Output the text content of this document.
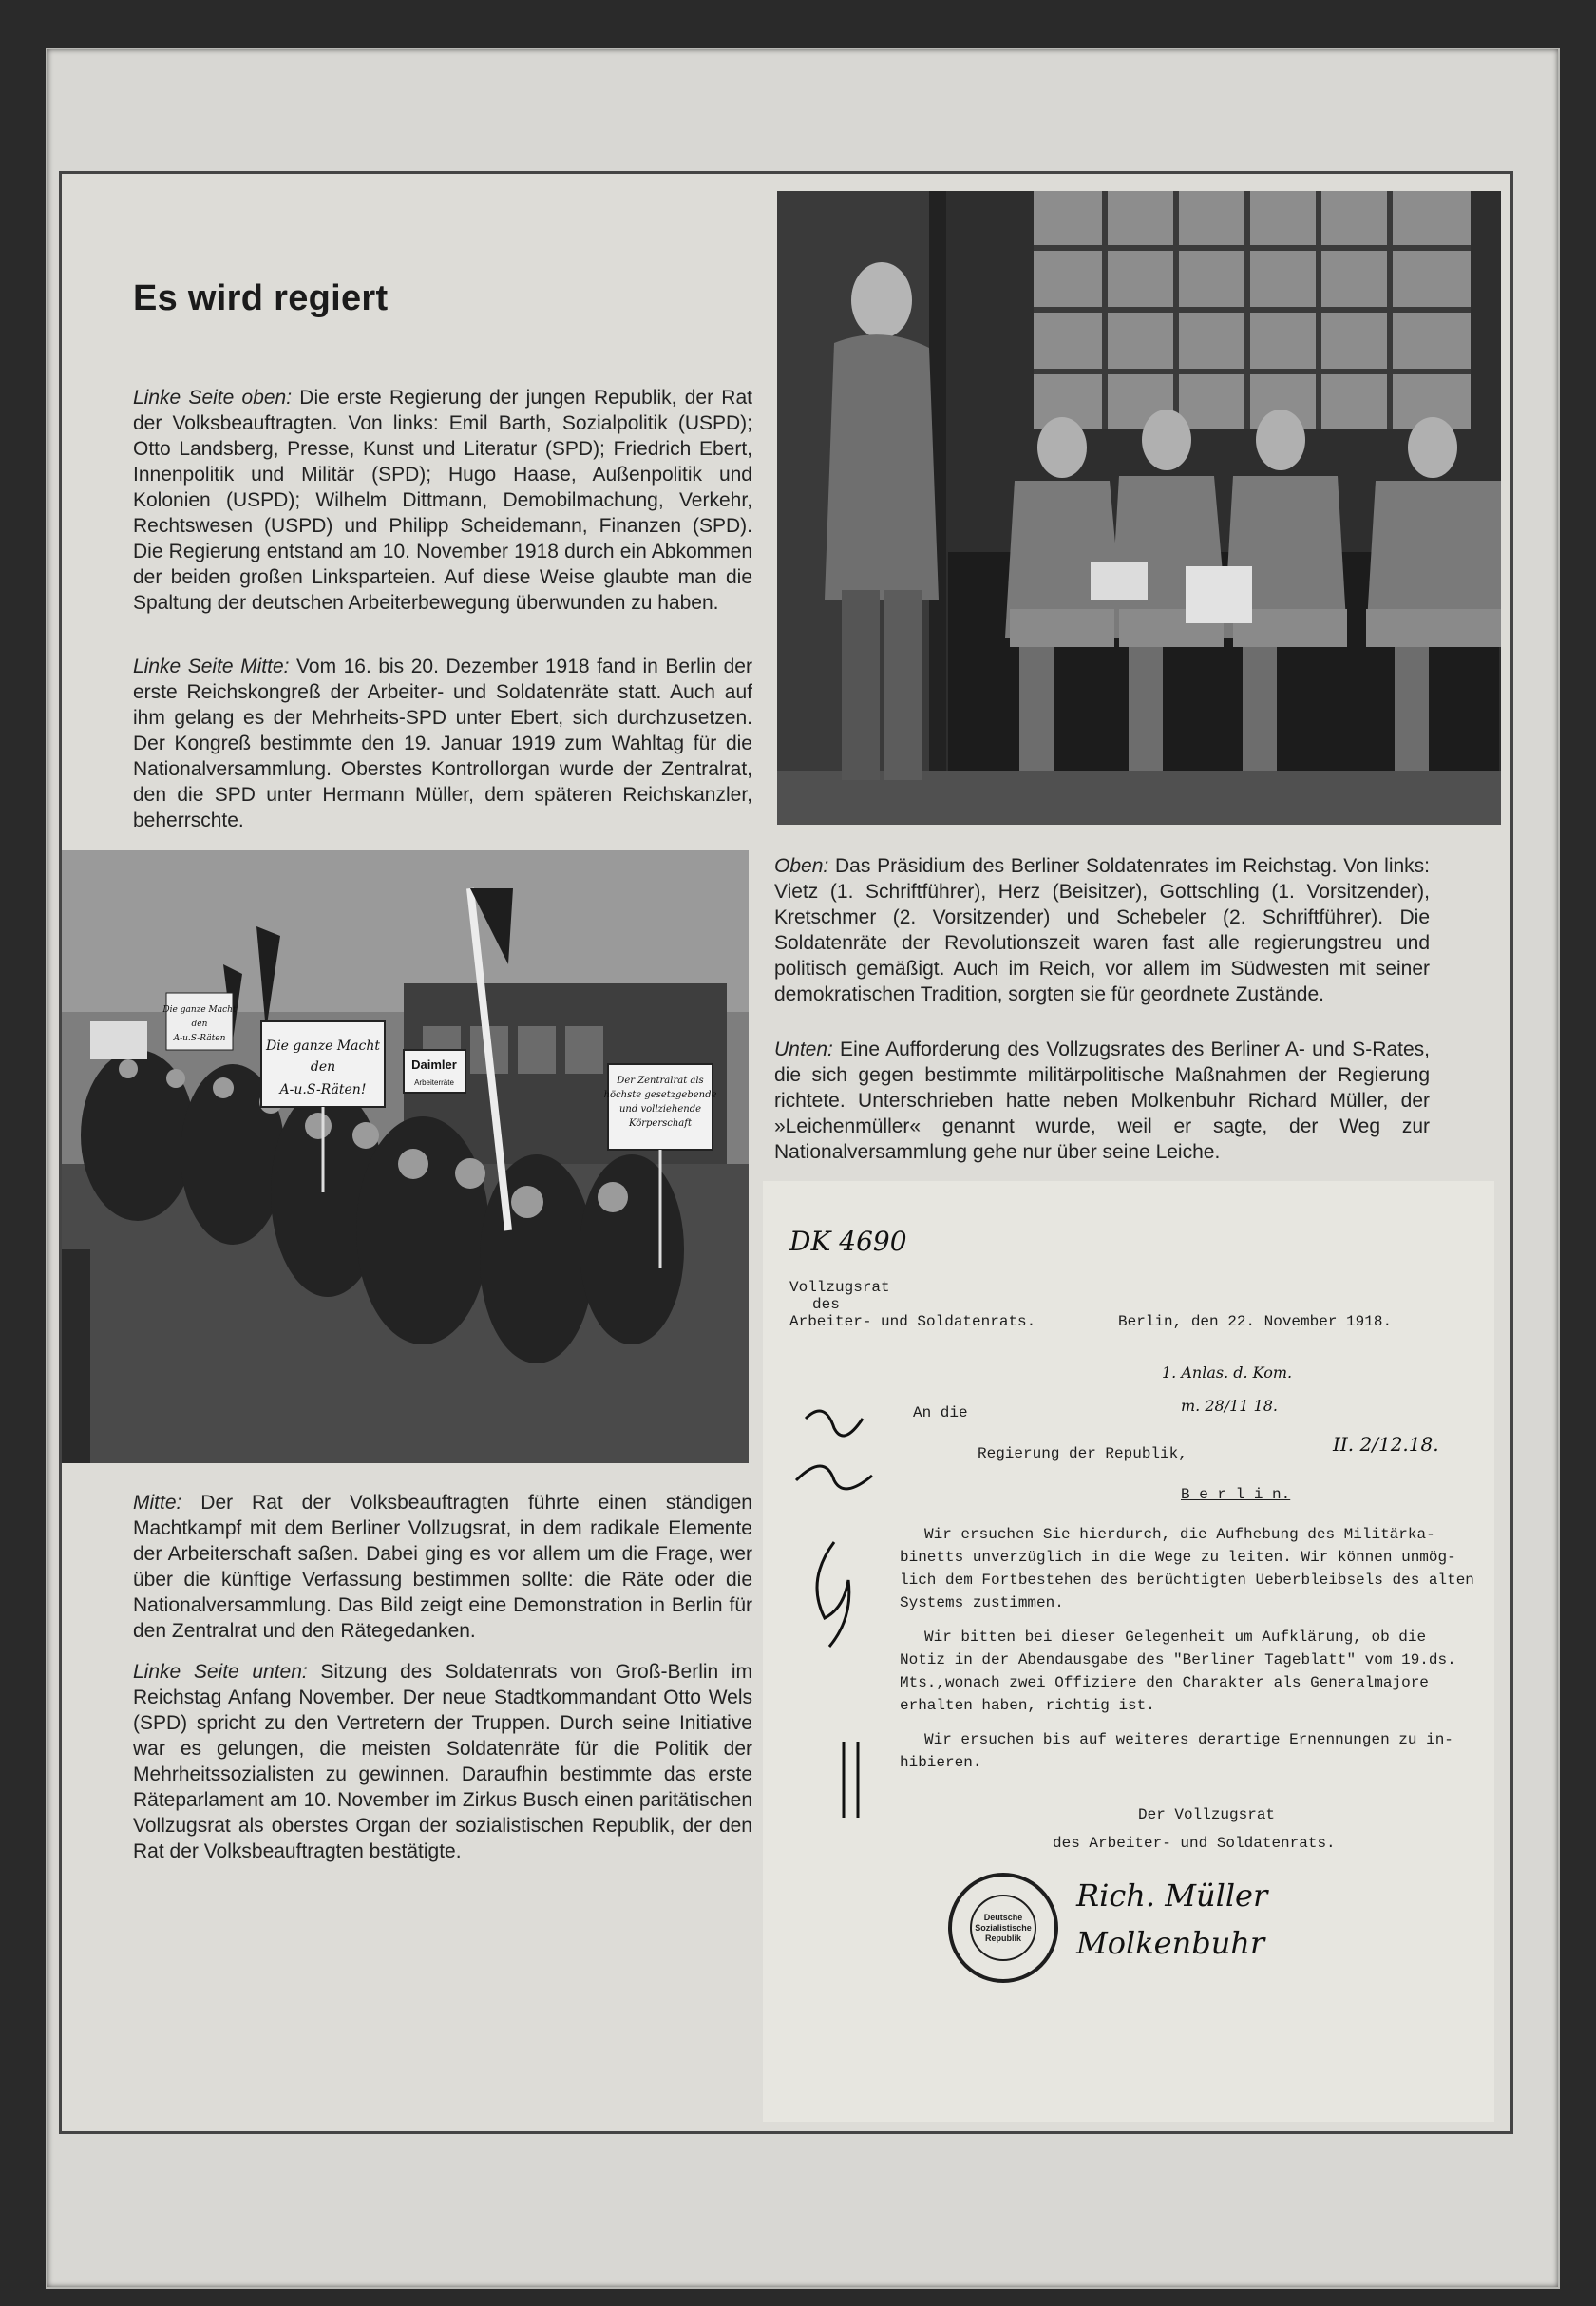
Es wird regiert

Linke Seite oben: Die erste Regierung der jungen Republik, der Rat der Volksbeauftragten. Von links: Emil Barth, Sozialpolitik (USPD); Otto Landsberg, Presse, Kunst und Literatur (SPD); Friedrich Ebert, Innenpolitik und Militär (SPD); Hugo Haase, Außenpolitik und Kolonien (USPD); Wilhelm Dittmann, Demobilmachung, Verkehr, Rechtswesen (USPD) und Philipp Scheidemann, Finanzen (SPD). Die Regierung entstand am 10. November 1918 durch ein Abkommen der beiden großen Linksparteien. Auf diese Weise glaubte man die Spaltung der deutschen Arbeiterbewegung überwunden zu haben.

Linke Seite Mitte: Vom 16. bis 20. Dezember 1918 fand in Berlin der erste Reichskongreß der Arbeiter- und Soldatenräte statt. Auch auf ihm gelang es der Mehrheits-SPD unter Ebert, sich durchzusetzen. Der Kongreß bestimmte den 19. Januar 1919 zum Wahltag für die Nationalversammlung. Oberstes Kontrollorgan wurde der Zentralrat, den die SPD unter Hermann Müller, dem späteren Reichskanzler, beherrschte.

Oben: Das Präsidium des Berliner Soldatenrates im Reichstag. Von links: Vietz (1. Schriftführer), Herz (Beisitzer), Gottschling (1. Vorsitzender), Kretschmer (2. Vorsitzender) und Schebeler (2. Schriftführer). Die Soldatenräte der Revolutionszeit waren fast alle regierungstreu und politisch gemäßigt. Auch im Reich, vor allem im Südwesten mit seiner demokratischen Tradition, sorgten sie für geordnete Zustände.

Unten: Eine Aufforderung des Vollzugsrates des Berliner A- und S-Rates, die sich gegen bestimmte militärpolitische Maßnahmen der Regierung richtete. Unterschrieben hatte neben Molkenbuhr Richard Müller, der »Leichenmüller« genannt wurde, weil er sagte, der Weg zur Nationalversammlung gehe nur über seine Leiche.

Die ganze Macht
den
A-u.S-Räten!
Der Zentralrat als
höchste gesetzgebende
und vollziehende
Körperschaft
Daimler
Arbeiterräte
Die ganze Macht
den
A-u.S-Räten

Mitte: Der Rat der Volksbeauftragten führte einen ständigen Machtkampf mit dem Berliner Vollzugsrat, in dem radikale Elemente der Arbeiterschaft saßen. Dabei ging es vor allem um die Frage, wer über die künftige Verfassung bestimmen sollte: die Räte oder die Nationalversammlung. Das Bild zeigt eine Demonstration in Berlin für den Zentralrat und den Rätegedanken.

Linke Seite unten: Sitzung des Soldatenrats von Groß-Berlin im Reichstag Anfang November. Der neue Stadtkommandant Otto Wels (SPD) spricht zu den Vertretern der Truppen. Durch seine Initiative war es gelungen, die meisten Soldatenräte für die Politik der Mehrheitssozialisten zu gewinnen. Daraufhin bestimmte das erste Räteparlament am 10. November im Zirkus Busch einen paritätischen Vollzugsrat als oberstes Organ der sozialistischen Republik, der den Rat der Volksbeauftragten bestätigte.

DK 4690

Vollzugsrat

des

Arbeiter- und Soldatenrats.	Berlin, den 22. November 1918.

1. Anlas. d. Kom.

m. 28/11 18.

II. 2/12.18.

An die

Regierung der Republik,

B e r l i n.

Wir ersuchen Sie hierdurch, die Aufhebung des Militärka-

binetts unverzüglich in die Wege zu leiten. Wir können unmög-

lich dem Fortbestehen des berüchtigten Ueberbleibsels des alten

Systems zustimmen.

Wir bitten bei dieser Gelegenheit um Aufklärung, ob die

Notiz in der Abendausgabe des "Berliner Tageblatt" vom 19.ds.

Mts.,wonach zwei Offiziere den Charakter als Generalmajore

erhalten haben, richtig ist.

Wir ersuchen bis auf weiteres derartige Ernennungen zu in-

hibieren.

Der Vollzugsrat

des Arbeiter- und Soldatenrats.

Deutsche Sozialistische Republik

Rich. Müller

Molkenbuhr
